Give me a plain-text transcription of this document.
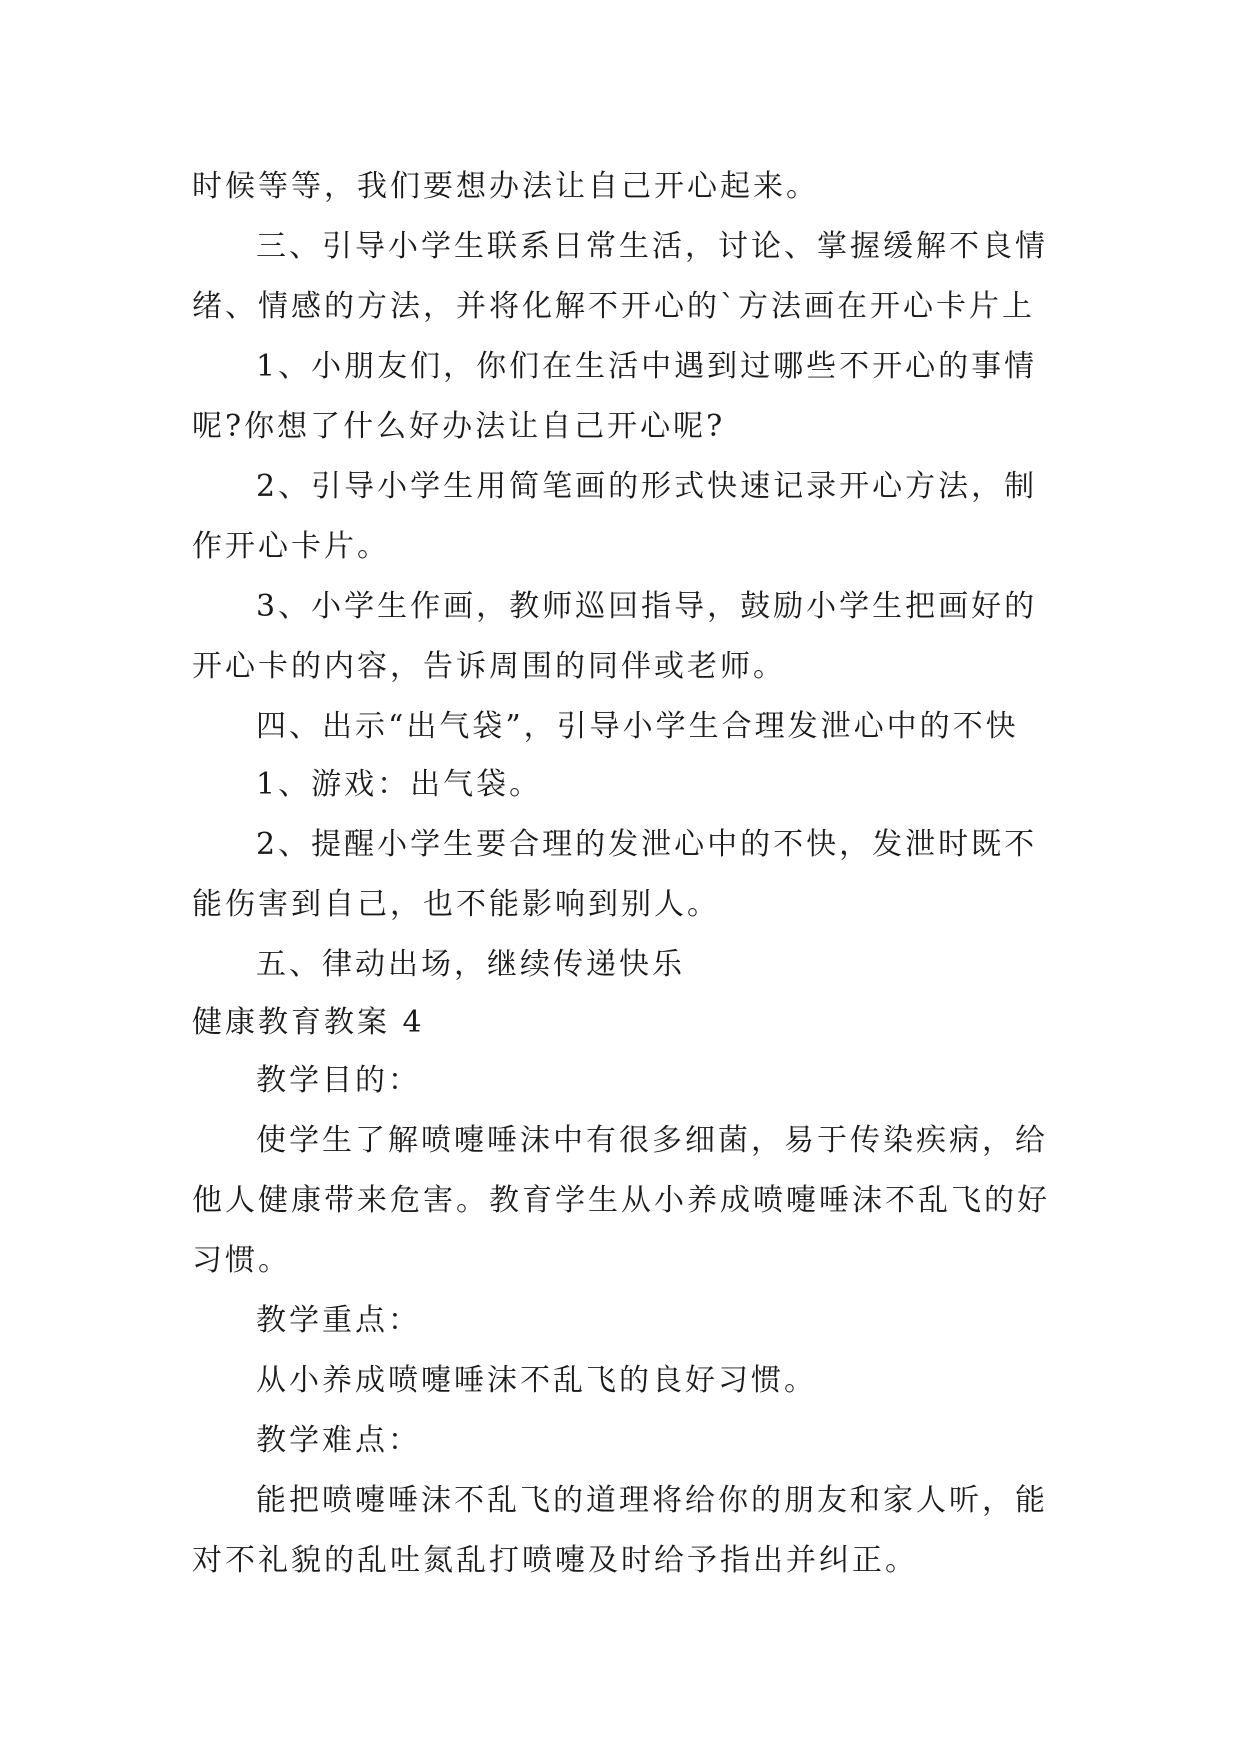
时候等等，我们要想办法让自己开心起来。
三、引导小学生联系日常生活，讨论、掌握缓解不良情
绪、情感的方法，并将化解不开心的`方法画在开心卡片上
1、小朋友们，你们在生活中遇到过哪些不开心的事情
呢?你想了什么好办法让自己开心呢?
2、引导小学生用简笔画的形式快速记录开心方法，制
作开心卡片。
3、小学生作画，教师巡回指导，鼓励小学生把画好的
开心卡的内容，告诉周围的同伴或老师。
四、出示“出气袋”，引导小学生合理发泄心中的不快
1、游戏：出气袋。
2、提醒小学生要合理的发泄心中的不快，发泄时既不
能伤害到自己，也不能影响到别人。
五、律动出场，继续传递快乐
健康教育教案 4
教学目的：
使学生了解喷嚏唾沫中有很多细菌，易于传染疾病，给
他人健康带来危害。教育学生从小养成喷嚏唾沫不乱飞的好
习惯。
教学重点：
从小养成喷嚏唾沫不乱飞的良好习惯。
教学难点：
能把喷嚏唾沫不乱飞的道理将给你的朋友和家人听，能
对不礼貌的乱吐氮乱打喷嚏及时给予指出并纠正。
